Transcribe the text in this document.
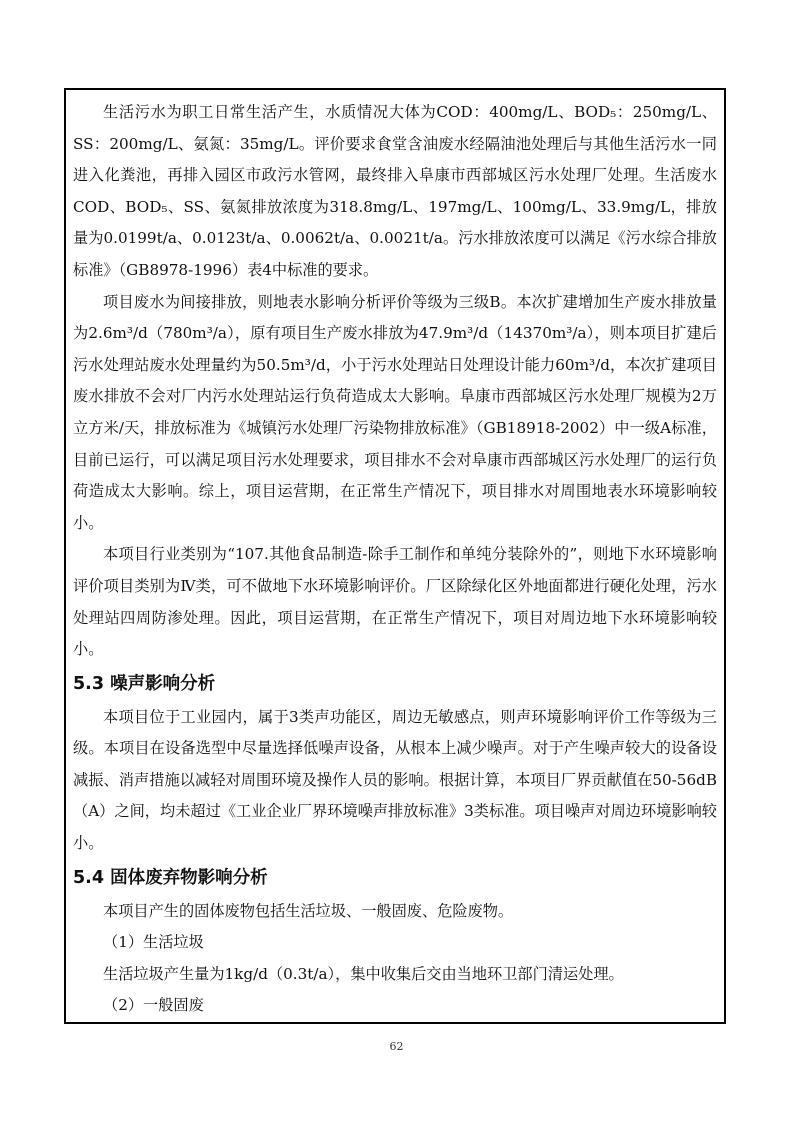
生活污水为职工日常生活产生，水质情况大体为COD：400mg/L、BOD₅：250mg/L、SS：200mg/L、氨氮：35mg/L。评价要求食堂含油废水经隔油池处理后与其他生活污水一同进入化粪池，再排入园区市政污水管网，最终排入阜康市西部城区污水处理厂处理。生活废水COD、BOD₅、SS、氨氮排放浓度为318.8mg/L、197mg/L、100mg/L、33.9mg/L，排放量为0.0199t/a、0.0123t/a、0.0062t/a、0.0021t/a。污水排放浓度可以满足《污水综合排放标准》（GB8978-1996）表4中标准的要求。

项目废水为间接排放，则地表水影响分析评价等级为三级B。本次扩建增加生产废水排放量为2.6m³/d（780m³/a），原有项目生产废水排放为47.9m³/d（14370m³/a），则本项目扩建后污水处理站废水处理量约为50.5m³/d，小于污水处理站日处理设计能力60m³/d，本次扩建项目废水排放不会对厂内污水处理站运行负荷造成太大影响。阜康市西部城区污水处理厂规模为2万立方米/天，排放标准为《城镇污水处理厂污染物排放标准》（GB18918-2002）中一级A标准，目前已运行，可以满足项目污水处理要求，项目排水不会对阜康市西部城区污水处理厂的运行负荷造成太大影响。综上，项目运营期，在正常生产情况下，项目排水对周围地表水环境影响较小。

本项目行业类别为“107.其他食品制造-除手工制作和单纯分装除外的”，则地下水环境影响评价项目类别为Ⅳ类，可不做地下水环境影响评价。厂区除绿化区外地面都进行硬化处理，污水处理站四周防渗处理。因此，项目运营期，在正常生产情况下，项目对周边地下水环境影响较小。

5.3 噪声影响分析

本项目位于工业园内，属于3类声功能区，周边无敏感点，则声环境影响评价工作等级为三级。本项目在设备选型中尽量选择低噪声设备，从根本上减少噪声。对于产生噪声较大的设备设减振、消声措施以减轻对周围环境及操作人员的影响。根据计算，本项目厂界贡献值在50-56dB（A）之间，均未超过《工业企业厂界环境噪声排放标准》3类标准。项目噪声对周边环境影响较小。

5.4 固体废弃物影响分析

本项目产生的固体废物包括生活垃圾、一般固废、危险废物。

（1）生活垃圾

生活垃圾产生量为1kg/d（0.3t/a），集中收集后交由当地环卫部门清运处理。

（2）一般固废

62
